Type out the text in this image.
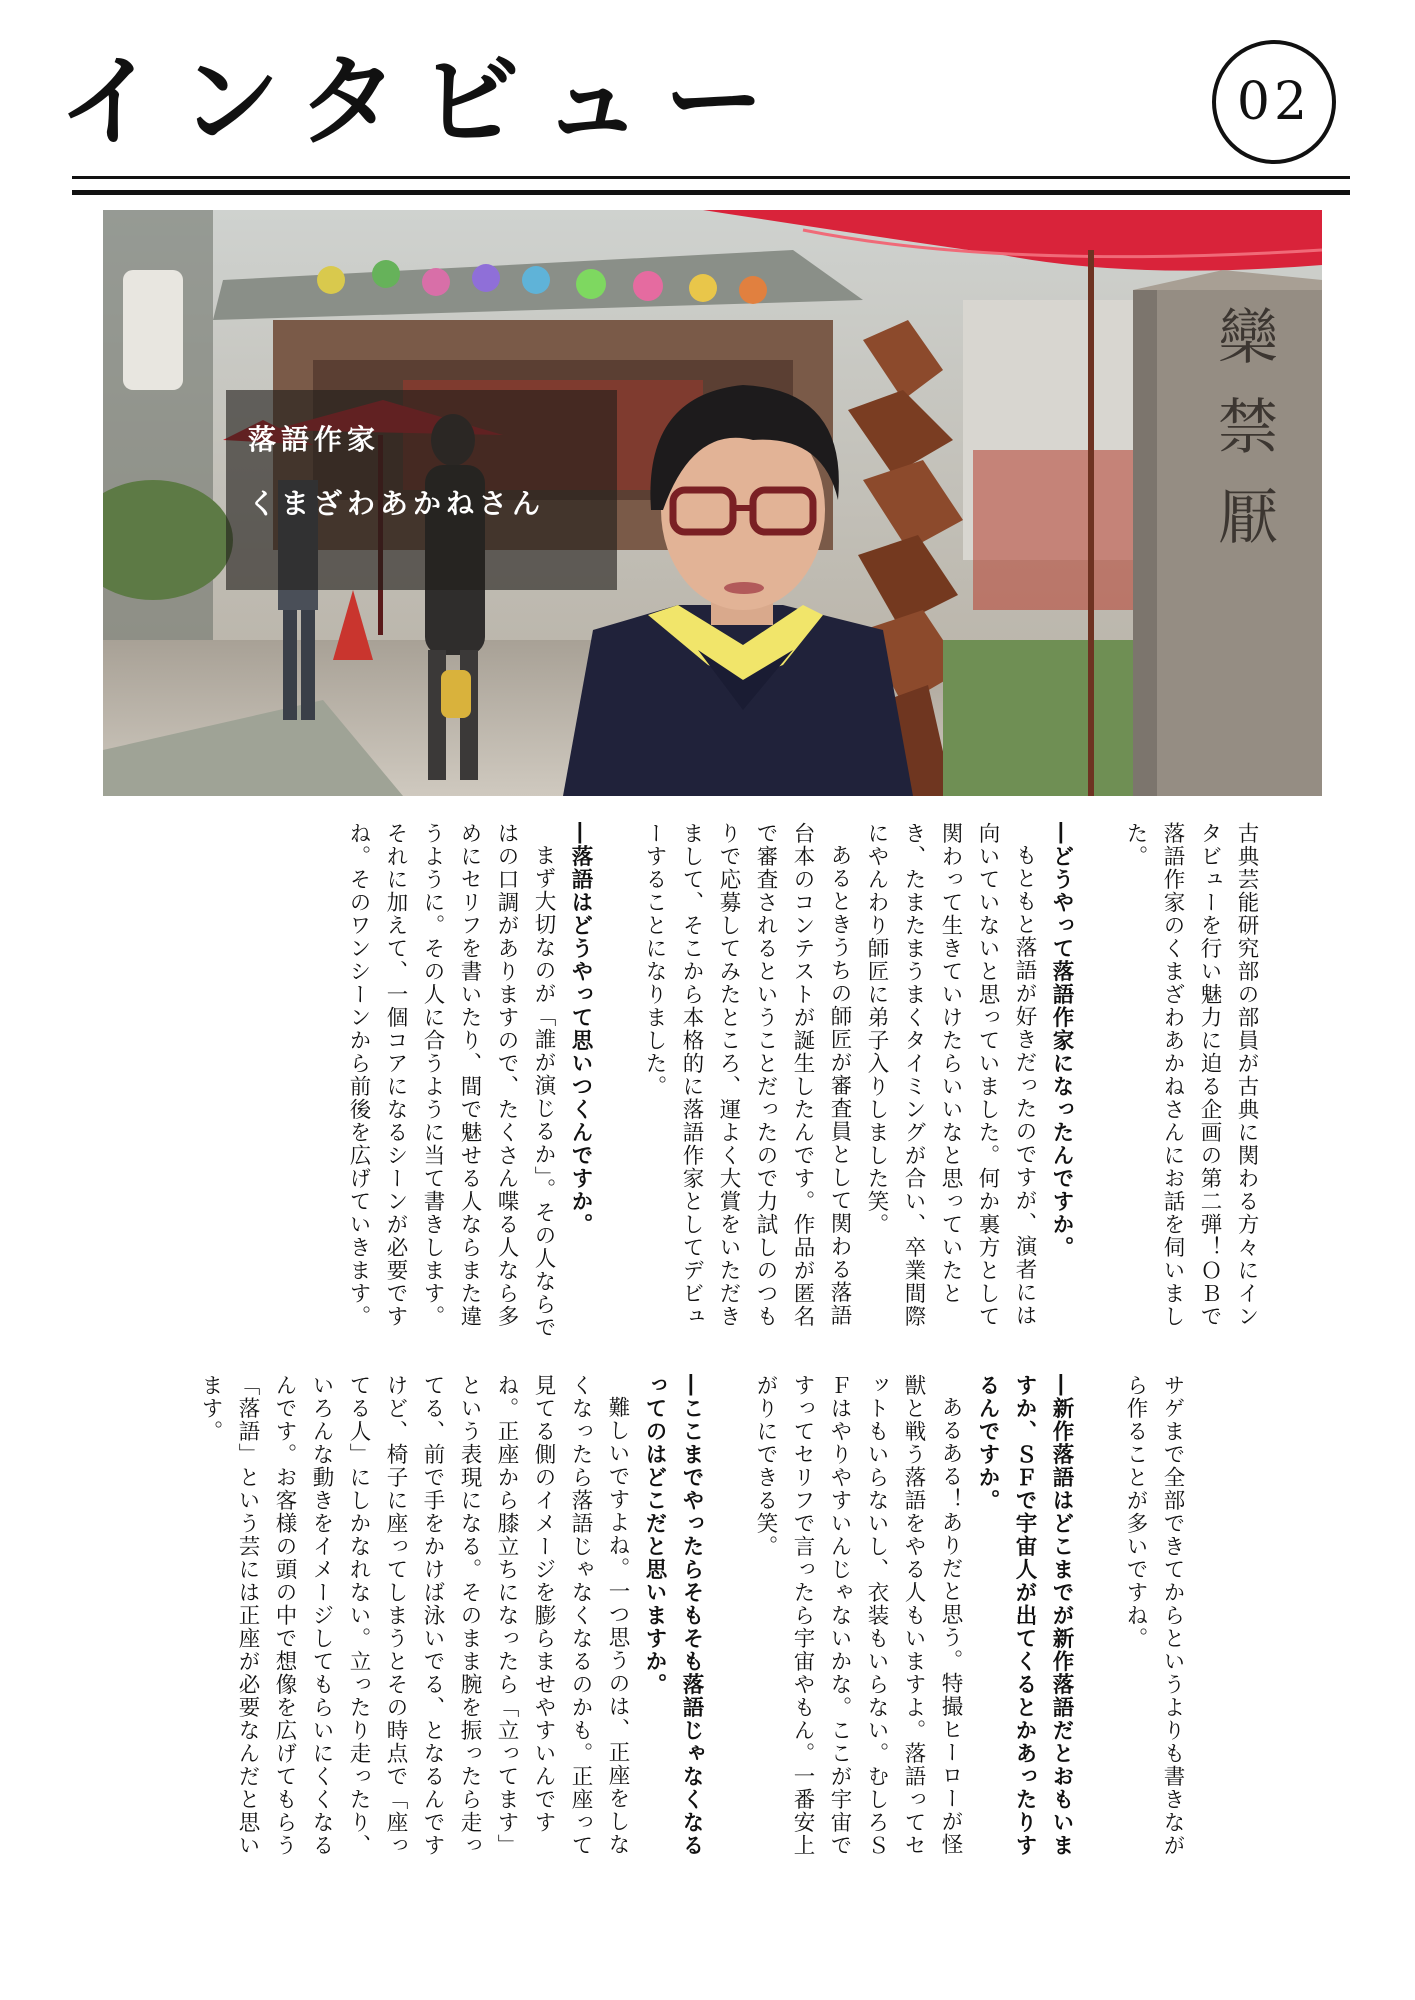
インタビュー	02
欒禁厭
落語作家
くまざわあかねさん

古典芸能研究部の部員が古典に関わる方々にインタビューを行い魅力に迫る企画の第二弾！ＯＢで落語作家のくまざわあかねさんにお話を伺いました。

―どうやって落語作家になったんですか。

もともと落語が好きだったのですが、演者には向いていないと思っていました。何か裏方として関わって生きていけたらいいなと思っていたとき、たまたまうまくタイミングが合い、卒業間際にやんわり師匠に弟子入りしました笑。

あるときうちの師匠が審査員として関わる落語台本のコンテストが誕生したんです。作品が匿名で審査されるということだったので力試しのつもりで応募してみたところ、運よく大賞をいただきまして、そこから本格的に落語作家としてデビューすることになりました。

―落語はどうやって思いつくんですか。

まず大切なのが「誰が演じるか」。その人ならではの口調がありますので、たくさん喋る人なら多めにセリフを書いたり、間で魅せる人ならまた違うように。その人に合うように当て書きします。それに加えて、一個コアになるシーンが必要ですね。そのワンシーンから前後を広げていきます。

サゲまで全部できてからというよりも書きながら作ることが多いですね。

―新作落語はどこまでが新作落語だとおもいますか、ＳＦで宇宙人が出てくるとかあったりするんですか。

あるある！ありだと思う。特撮ヒーローが怪獣と戦う落語をやる人もいますよ。落語ってセットもいらないし、衣装もいらない。むしろＳＦはやりやすいんじゃないかな。ここが宇宙ですってセリフで言ったら宇宙やもん。一番安上がりにできる笑。

―ここまでやったらそもそも落語じゃなくなるってのはどこだと思いますか。

難しいですよね。一つ思うのは、正座をしなくなったら落語じゃなくなるのかも。正座って見てる側のイメージを膨らませやすいんですね。正座から膝立ちになったら「立ってます」という表現になる。そのまま腕を振ったら走ってる、前で手をかけば泳いでる、となるんですけど、椅子に座ってしまうとその時点で「座ってる人」にしかなれない。立ったり走ったり、いろんな動きをイメージしてもらいにくくなるんです。お客様の頭の中で想像を広げてもらう「落語」という芸には正座が必要なんだと思います。
